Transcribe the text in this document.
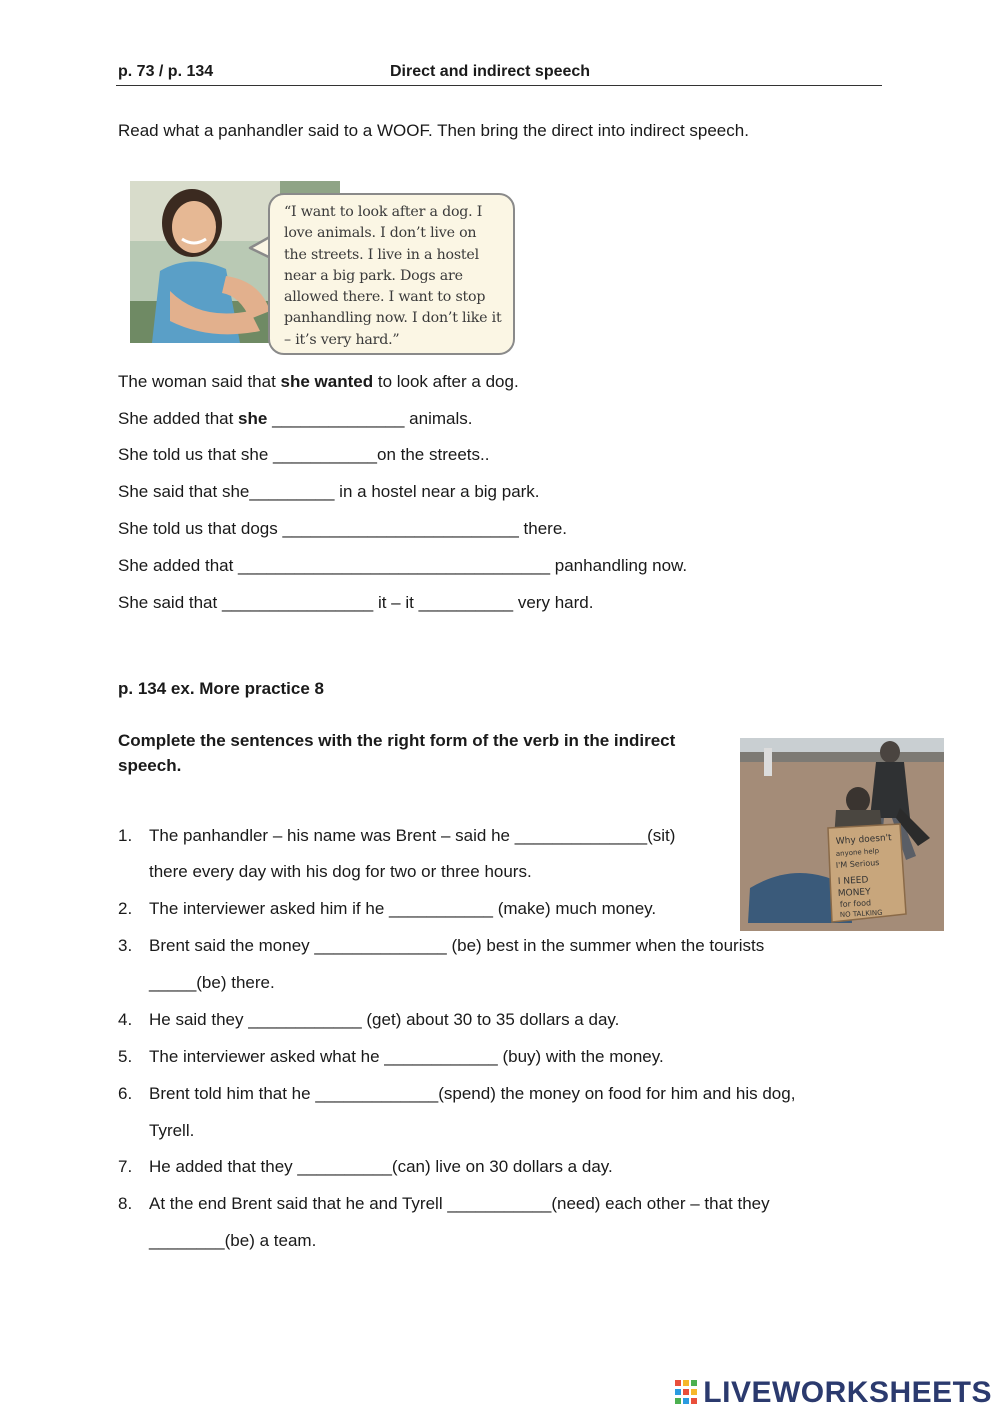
p. 73 / p. 134	Direct and indirect speech
Read what a panhandler said to a WOOF. Then bring the direct into indirect speech.
“I want to look after a dog. I love animals. I don’t live on the streets. I live in a hostel near a big park. Dogs are allowed there. I want to stop panhandling now. I don’t like it – it’s very hard.”
The woman said that she wanted to look after a dog.
She added that she ______________ animals.
She told us that she ___________on the streets..
She said that she_________ in a hostel near a big park.
She told us that dogs _________________________ there.
She added that _________________________________ panhandling now.
She said that ________________ it – it __________ very hard.
p. 134 ex. More practice 8
Complete the sentences with the right form of the verb in the indirect speech.
Why doesn't
anyone help
I'M Serious
I NEED
MONEY
for food
NO TALKING
1. The panhandler – his name was Brent – said he ______________(sit)
there every day with his dog for two or three hours.
2. The interviewer asked him if he ___________ (make) much money.
3. Brent said the money ______________ (be) best in the summer when the tourists
_____(be) there.
4. He said they ____________ (get) about 30 to 35 dollars a day.
5. The interviewer asked what he ____________ (buy) with the money.
6. Brent told him that he _____________(spend) the money on food for him and his dog,
Tyrell.
7. He added that they __________(can) live on 30 dollars a day.
8. At the end Brent said that he and Tyrell ___________(need) each other – that they
________(be) a team.
LIVEWORKSHEETS
